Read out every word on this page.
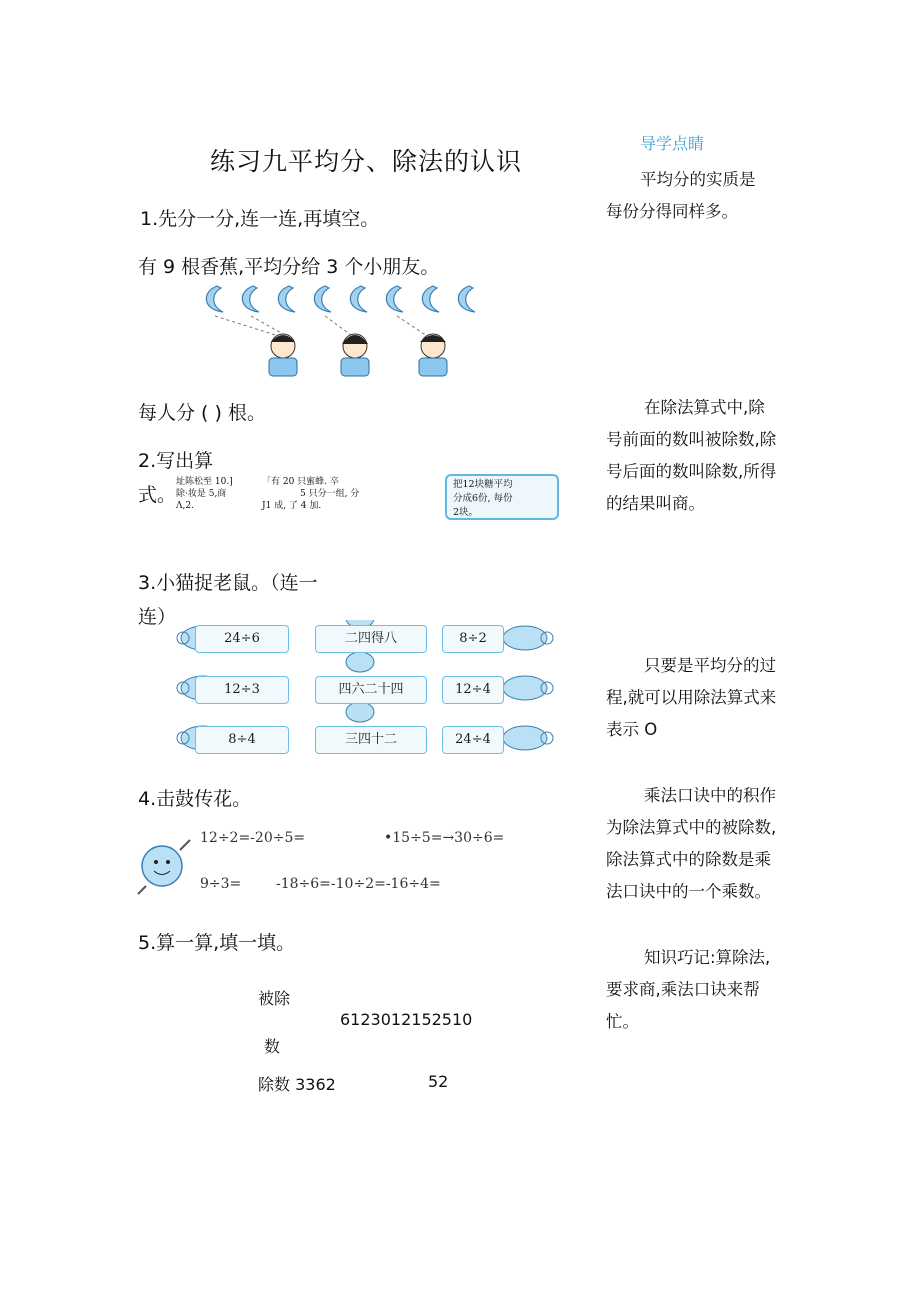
练习九平均分、除法的认识
导学点睛
平均分的实质是
每份分得同样多。
在除法算式中,除
号前面的数叫被除数,除
号后面的数叫除数,所得
的结果叫商。
只要是平均分的过
程,就可以用除法算式来
表示 O
乘法口诀中的积作
为除法算式中的被除数,
除法算式中的除数是乘
法口诀中的一个乘数。
知识巧记:算除法,
要求商,乘法口诀来帮
忙。
1.先分一分,连一连,再填空。
有 9 根香蕉,平均分给 3 个小朋友。
每人分 ( ) 根。
2.写出算
式。
址陈松至 10.]
除·妆是 5,商
Λ,2.
「有 20 只蜜蜂. 卒
5 只分一组, 分
J1 成, 了 4 加.
把12块糖平均
分成6份, 每份
2块。
3.小猫捉老鼠。（连一
连）
24÷6
12÷3
8÷4
二四得八
四六二十四
三四十二
8÷2
12÷4
24÷4
4.击鼓传花。
12÷2=-20÷5=	•15÷5=→30÷6=
9÷3= -18÷6=-10÷2=-16÷4=
5.算一算,填一填。
被除
6123012152510
数
除数 3362	52
